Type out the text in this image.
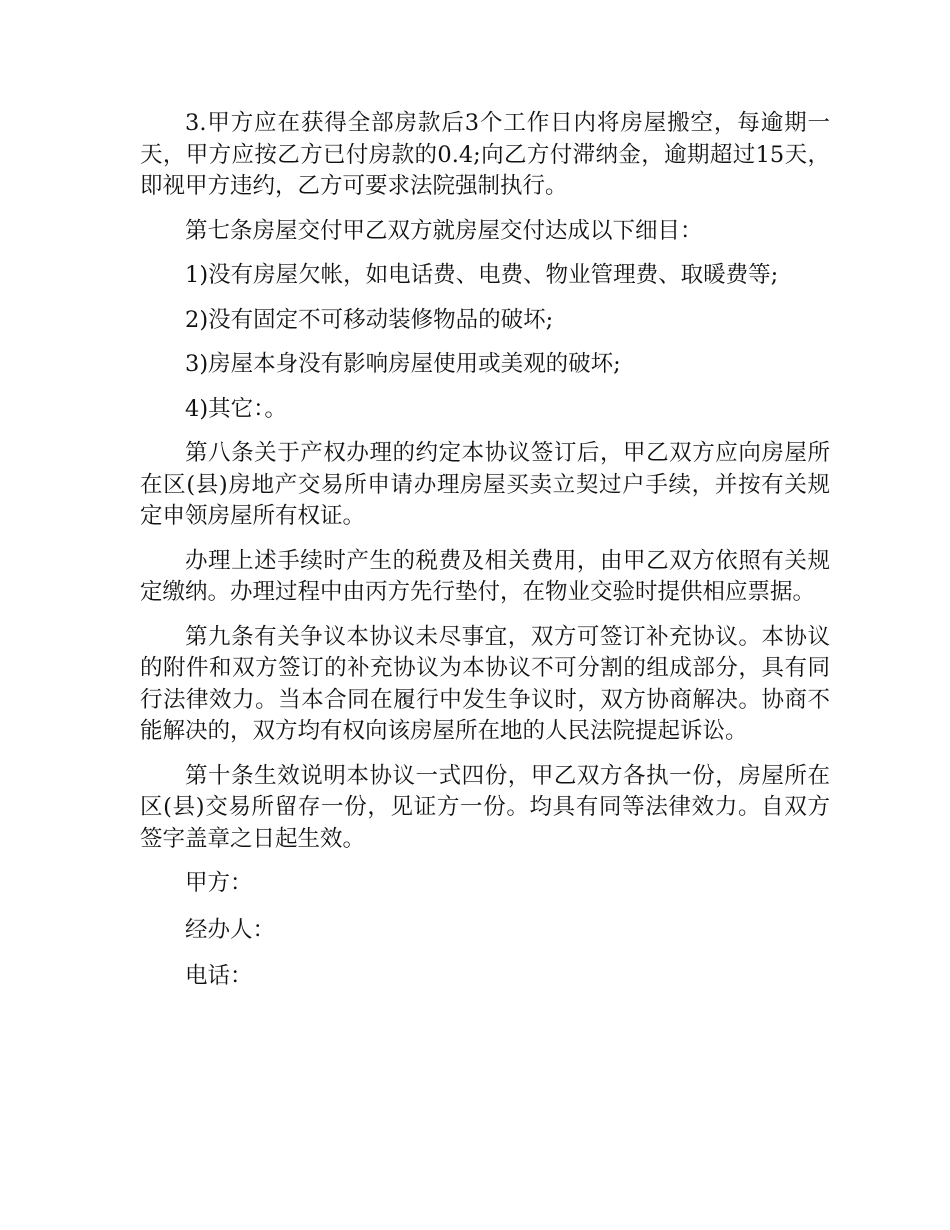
3.甲方应在获得全部房款后3个工作日内将房屋搬空，每逾期一天，甲方应按乙方已付房款的0.4;向乙方付滞纳金，逾期超过15天，即视甲方违约，乙方可要求法院强制执行。

第七条房屋交付甲乙双方就房屋交付达成以下细目：

1)没有房屋欠帐，如电话费、电费、物业管理费、取暖费等;

2)没有固定不可移动装修物品的破坏;

3)房屋本身没有影响房屋使用或美观的破坏;

4)其它：。

第八条关于产权办理的约定本协议签订后，甲乙双方应向房屋所在区(县)房地产交易所申请办理房屋买卖立契过户手续，并按有关规定申领房屋所有权证。

办理上述手续时产生的税费及相关费用，由甲乙双方依照有关规定缴纳。办理过程中由丙方先行垫付，在物业交验时提供相应票据。

第九条有关争议本协议未尽事宜，双方可签订补充协议。本协议的附件和双方签订的补充协议为本协议不可分割的组成部分，具有同行法律效力。当本合同在履行中发生争议时，双方协商解决。协商不能解决的，双方均有权向该房屋所在地的人民法院提起诉讼。

第十条生效说明本协议一式四份，甲乙双方各执一份，房屋所在区(县)交易所留存一份，见证方一份。均具有同等法律效力。自双方签字盖章之日起生效。

甲方：

经办人：

电话：
